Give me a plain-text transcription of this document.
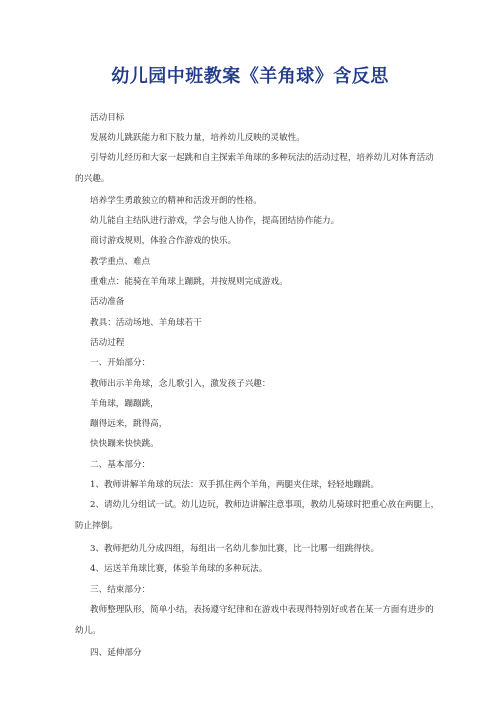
幼儿园中班教案《羊角球》含反思
活动目标
发展幼儿跳跃能力和下肢力量，培养幼儿反映的灵敏性。
引导幼儿经历和大家一起跳和自主探索羊角球的多种玩法的活动过程，培养幼儿对体育活动的兴趣。
培养学生勇敢独立的精神和活泼开朗的性格。
幼儿能自主结队进行游戏，学会与他人协作，提高团结协作能力。
商讨游戏规则，体验合作游戏的快乐。
教学重点、难点
重难点：能骑在羊角球上蹦跳，并按规则完成游戏。
活动准备
教具：活动场地、羊角球若干
活动过程
一、开始部分：
教师出示羊角球，念儿歌引入，激发孩子兴趣：
羊角球，蹦蹦跳，
蹦得远来，跳得高，
快快蹦来快快跳。
二、基本部分：
1、教师讲解羊角球的玩法：双手抓住两个羊角，两腿夹住球，轻轻地蹦跳。
2、请幼儿分组试一试。幼儿边玩，教师边讲解注意事项，教幼儿骑球时把重心放在两腿上，防止摔倒。
3、教师把幼儿分成四组，每组出一名幼儿参加比赛，比一比哪一组跳得快。
4、运送羊角球比赛，体验羊角球的多种玩法。
三、结束部分：
教师整理队形，简单小结，表扬遵守纪律和在游戏中表现得特别好或者在某一方面有进步的幼儿。
四、延伸部分
